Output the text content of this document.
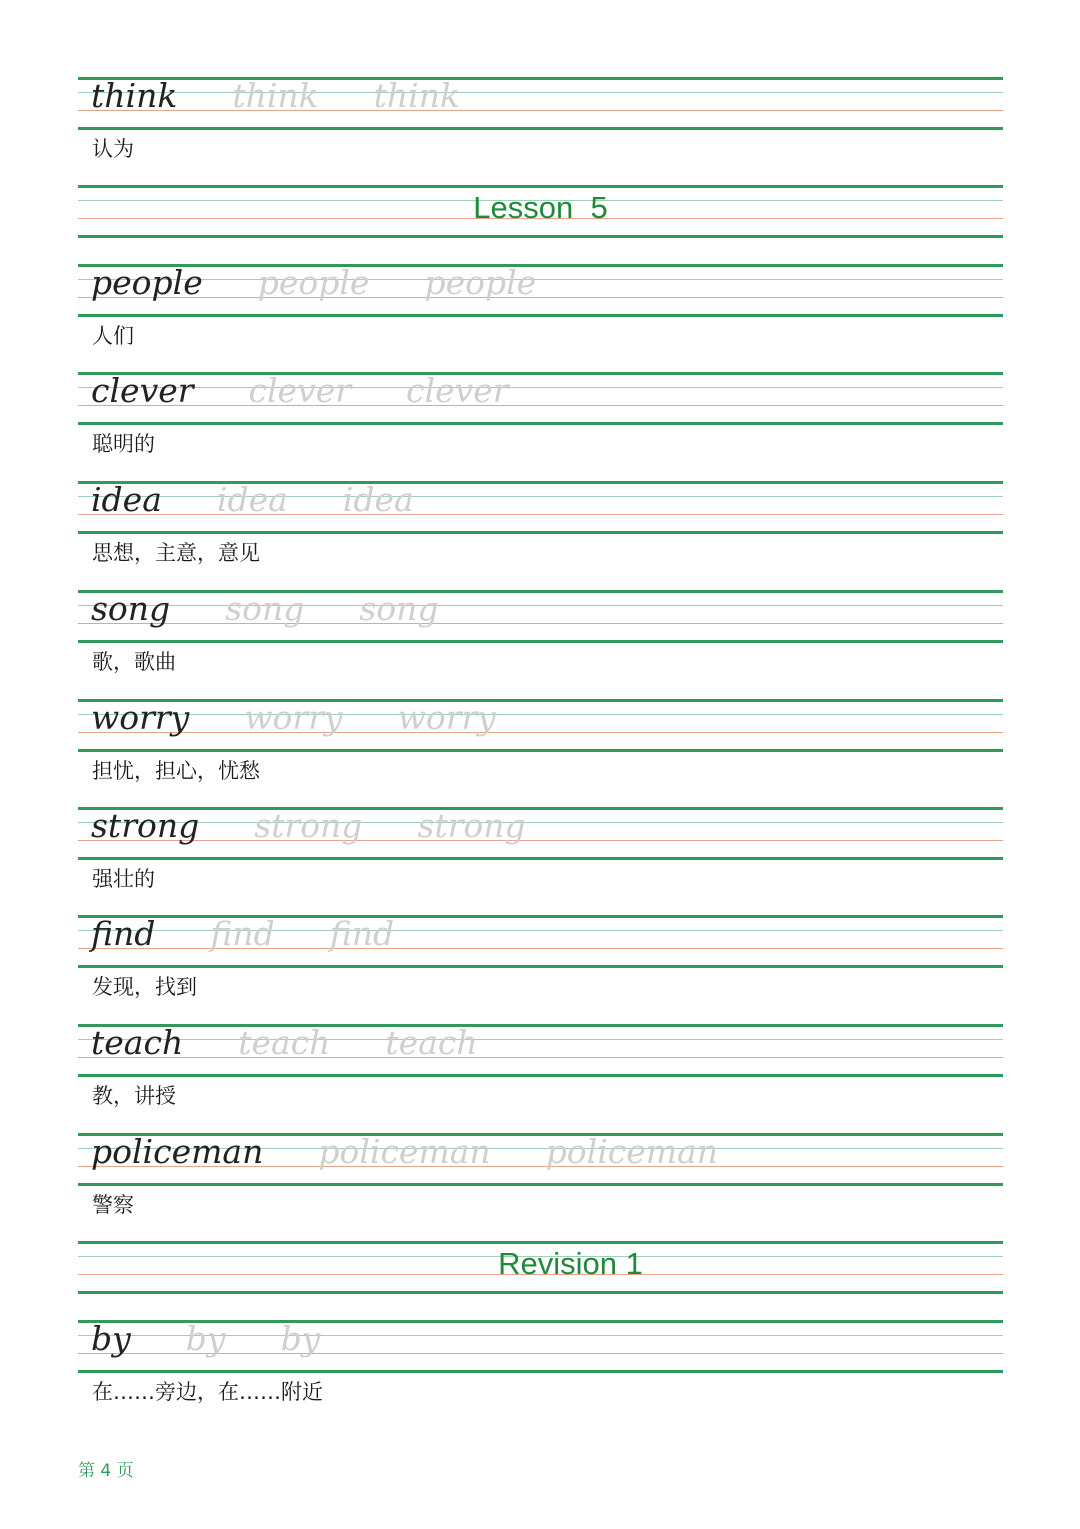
think think think
认为
Lesson  5
people people people
人们
clever clever clever
聪明的
idea idea idea
思想，主意，意见
song song song
歌，歌曲
worry worry worry
担忧，担心，忧愁
strong strong strong
强壮的
find find find
发现，找到
teach teach teach
教，讲授
policeman policeman policeman
警察
Revision 1
by by by
在……旁边，在……附近
第 4 页
